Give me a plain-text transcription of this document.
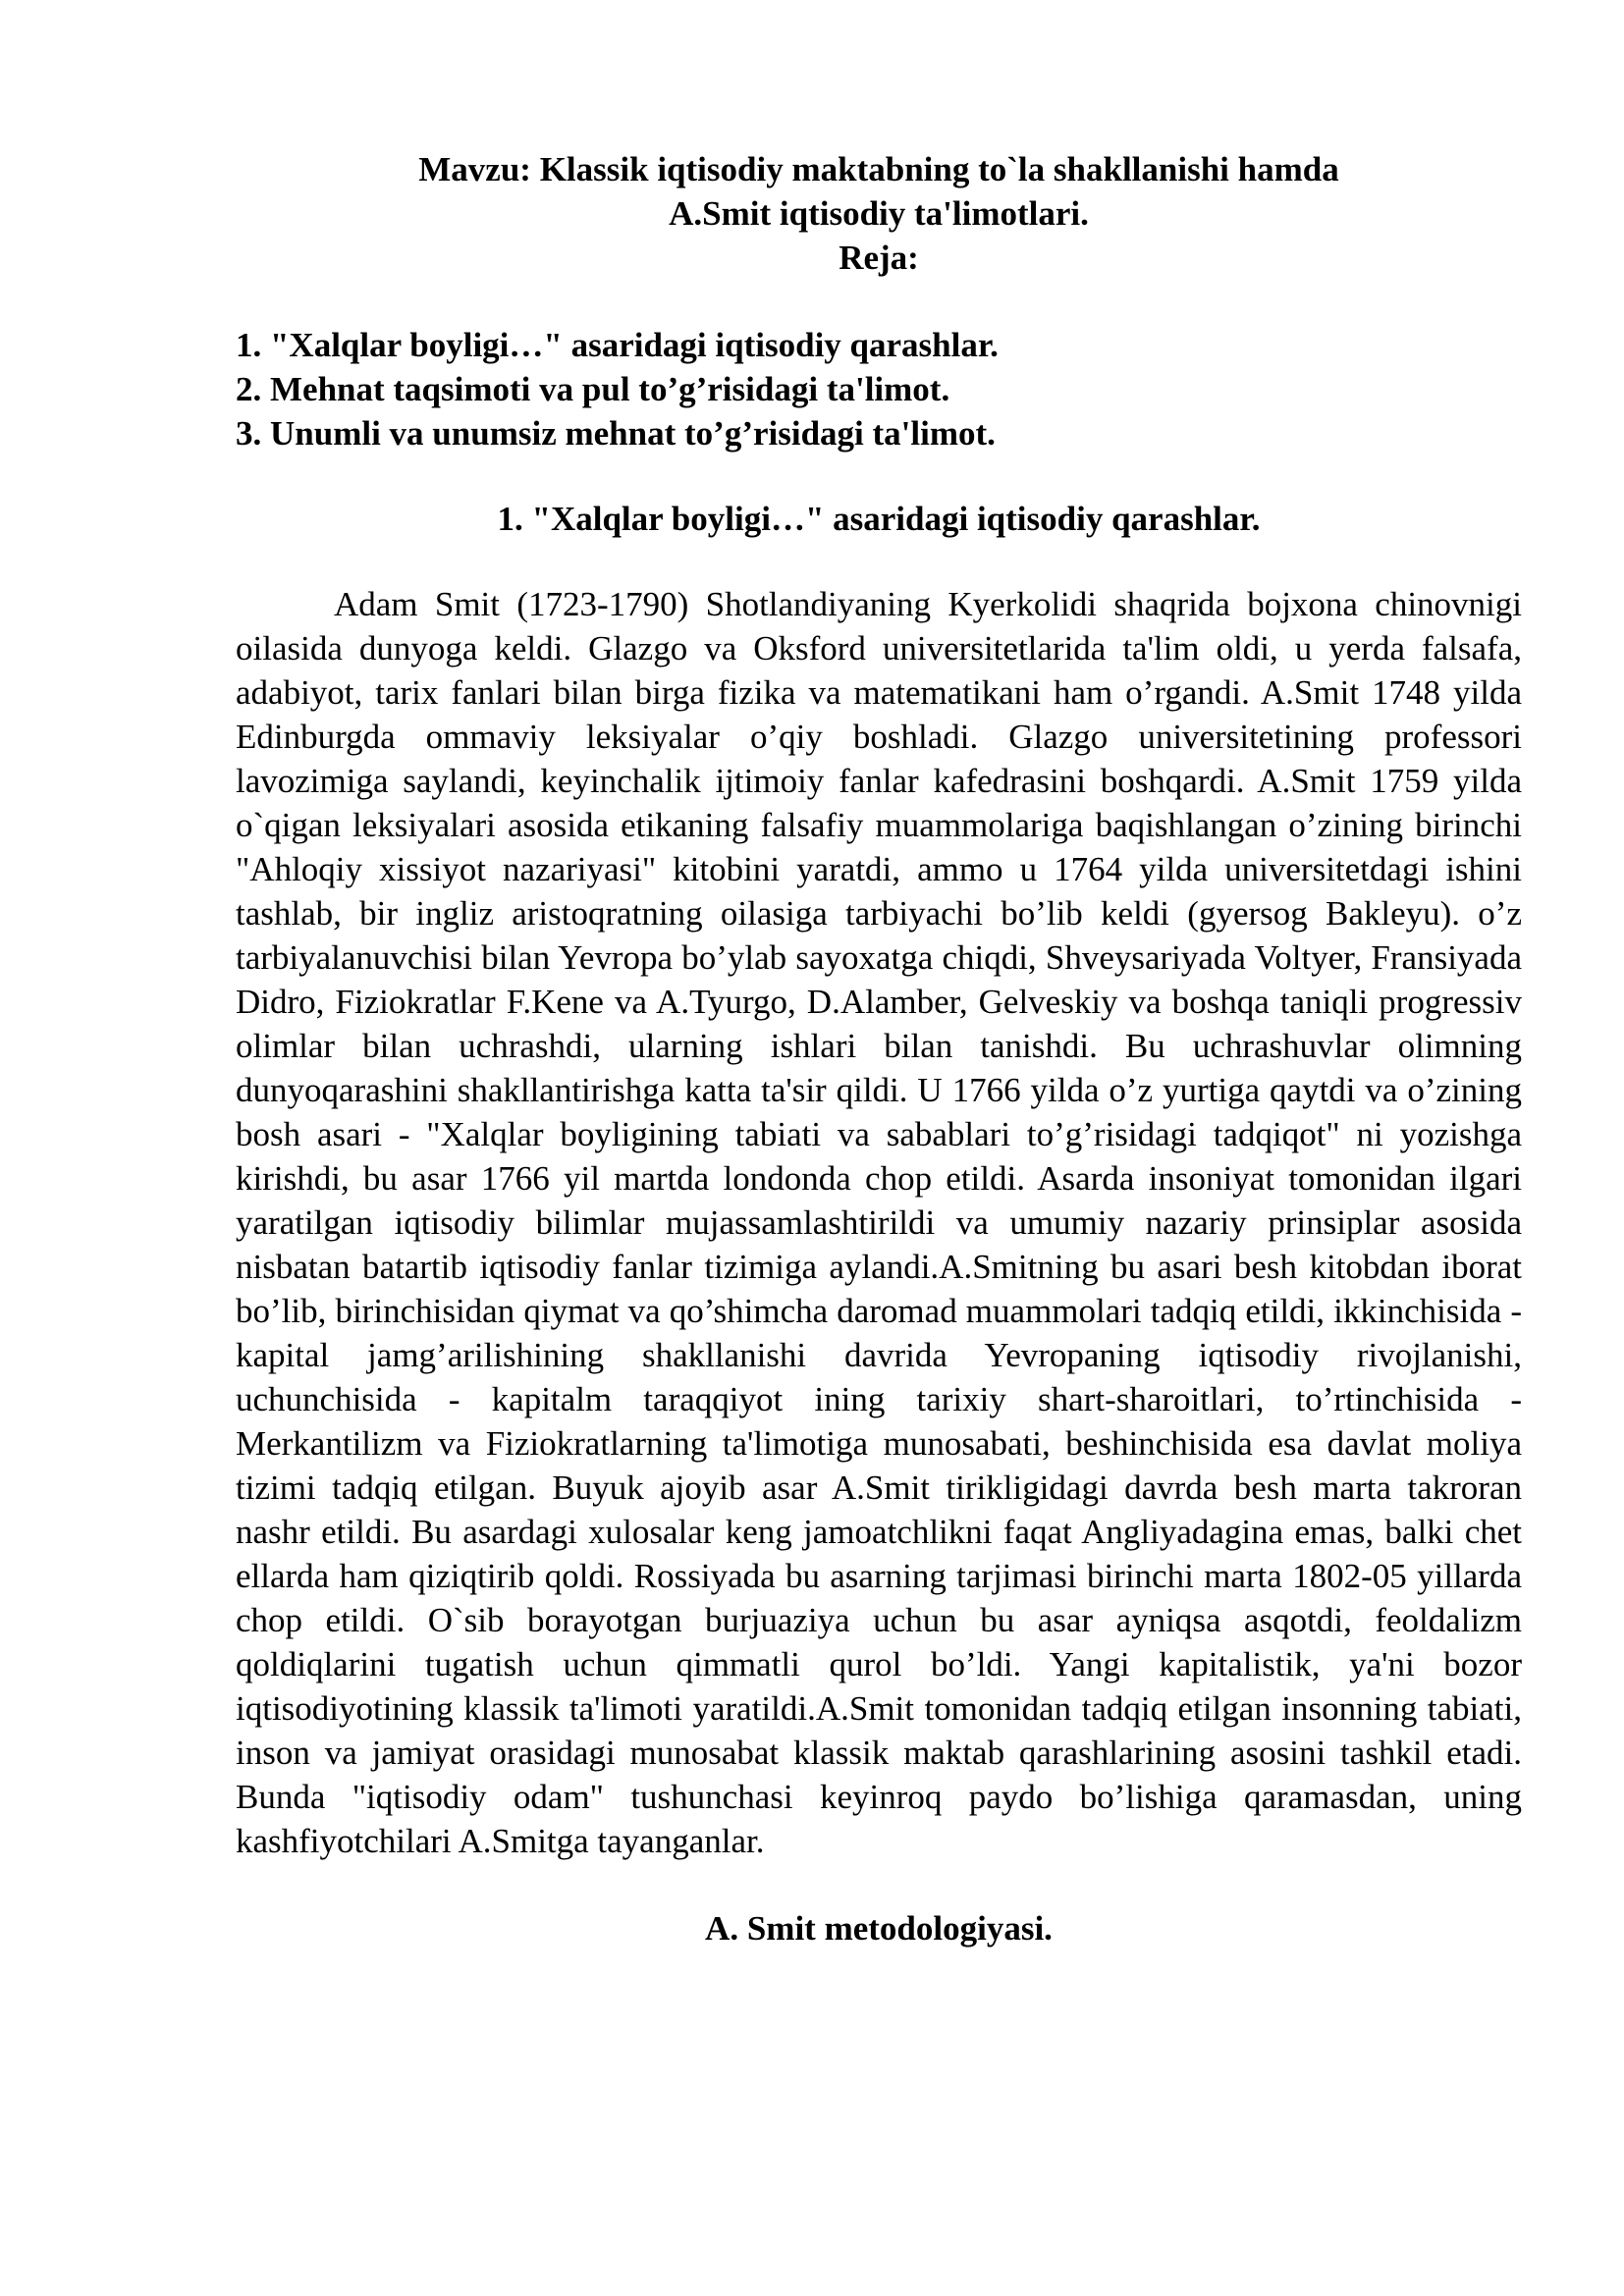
Mavzu: Klassik iqtisodiy maktabning to`la shakllanishi hamda

A.Smit iqtisodiy ta'limotlari.

Reja:

1. "Xalqlar boyligi…" asaridagi iqtisodiy qarashlar.

2. Mehnat taqsimoti va pul to’g’risidagi ta'limot.

3. Unumli va unumsiz mehnat to’g’risidagi ta'limot.

1. "Xalqlar boyligi…" asaridagi iqtisodiy qarashlar.

Adam Smit (1723-1790) Shotlandiyaning Kyerkolidi shaqrida bojxona chinovnigi oilasida dunyoga keldi. Glazgo va Oksford universitetlarida ta'lim oldi, u yerda falsafa, adabiyot, tarix fanlari bilan birga fizika va matematikani ham o’rgandi. A.Smit 1748 yilda Edinburgda ommaviy leksiyalar o’qiy boshladi. Glazgo universitetining professori lavozimiga saylandi, keyinchalik ijtimoiy fanlar kafedrasini boshqardi. A.Smit 1759 yilda o`qigan leksiyalari asosida etikaning falsafiy muammolariga baqishlangan o’zining birinchi "Ahloqiy xissiyot nazariyasi" kitobini yaratdi, ammo u 1764 yilda universitetdagi ishini tashlab, bir ingliz aristoqratning oilasiga tarbiyachi bo’lib keldi (gyersog Bakleyu). o’z tarbiyalanuvchisi bilan Yevropa bo’ylab sayoxatga chiqdi, Shveysariyada Voltyer, Fransiyada Didro, Fiziokratlar F.Kene va A.Tyurgo, D.Alamber, Gelveskiy va boshqa taniqli progressiv olimlar bilan uchrashdi, ularning ishlari bilan tanishdi. Bu uchrashuvlar olimning dunyoqarashini shakllantirishga katta ta'sir qildi. U 1766 yilda o’z yurtiga qaytdi va o’zining bosh asari - "Xalqlar boyligining tabiati va sabablari to’g’risidagi tadqiqot" ni yozishga kirishdi, bu asar 1766 yil martda londonda chop etildi. Asarda insoniyat tomonidan ilgari yaratilgan iqtisodiy bilimlar mujassamlashtirildi va umumiy nazariy prinsiplar asosida nisbatan batartib iqtisodiy fanlar tizimiga aylandi.A.Smitning bu asari besh kitobdan iborat bo’lib, birinchisidan qiymat va qo’shimcha daromad muammolari tadqiq etildi, ikkinchisida - kapital jamg’arilishining shakllanishi davrida Yevropaning iqtisodiy rivojlanishi, uchunchisida - kapitalm taraqqiyot ining tarixiy shart-sharoitlari, to’rtinchisida - Merkantilizm va Fiziokratlarning ta'limotiga munosabati, beshinchisida esa davlat moliya tizimi tadqiq etilgan. Buyuk ajoyib asar A.Smit tirikligidagi davrda besh marta takroran nashr etildi. Bu asardagi xulosalar keng jamoatchlikni faqat Angliyadagina emas, balki chet ellarda ham qiziqtirib qoldi. Rossiyada bu asarning tarjimasi birinchi marta 1802-05 yillarda chop etildi. O`sib borayotgan burjuaziya uchun bu asar ayniqsa asqotdi, feoldalizm qoldiqlarini tugatish uchun qimmatli qurol bo’ldi. Yangi kapitalistik, ya'ni bozor iqtisodiyotining klassik ta'limoti yaratildi.A.Smit tomonidan tadqiq etilgan insonning tabiati, inson va jamiyat orasidagi munosabat klassik maktab qarashlarining asosini tashkil etadi. Bunda "iqtisodiy odam" tushunchasi keyinroq paydo bo’lishiga qaramasdan, uning kashfiyotchilari A.Smitga tayanganlar.

A. Smit metodologiyasi.
